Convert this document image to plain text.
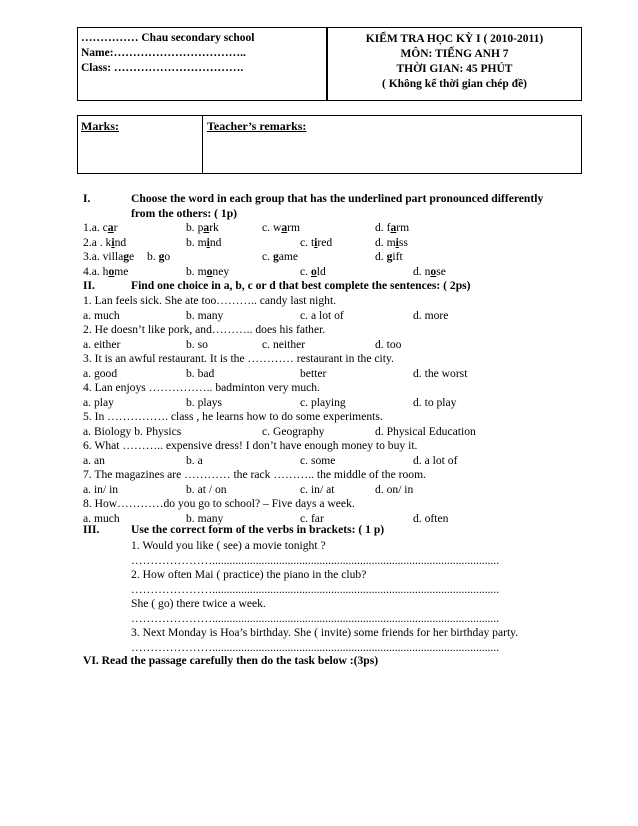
…………… Chau secondary school
Name:……………………………..
Class: …………………………….
KIỂM TRA HỌC KỲ I ( 2010-2011)
MÔN: TIẾNG ANH 7
THỜI GIAN: 45 PHÚT
( Không kể thời gian chép đề)
Marks:	Teacher’s remarks:
I.	Choose the word in each group that has the underlined part pronounced differently
from the others: ( 1p)
1.a. car	b. park	c. warm	d. farm
2.a . kind	b. mind	c. tired	d. miss
3.a. village b. go	c. game	d. gift
4.a. home	b. money	c. old	d. nose
II.	Find one choice in a, b, c or d that best complete the sentences: ( 2ps)
1. Lan feels sick. She ate too……….. candy last night.
a. much	b. many	c. a lot of	d. more
2. He doesn’t like pork, and……….. does his father.
a. either	b. so	c. neither	d. too
3. It is an awful restaurant. It is the ………… restaurant in the city.
a. good	b. bad	better	d. the worst
4. Lan enjoys …………….. badminton very much.
a. play	b. plays	c. playing	d. to play
5. In ……………. class , he learns how to do some experiments.
a. Biology b. Physics	c. Geography	d. Physical Education
6. What ……….. expensive dress! I don’t have enough money to buy it.
a. an	b. a	c. some	d. a lot of
7. The magazines are ………… the rack ……….. the middle of the room.
a. in/ in	b. at / on	c. in/ at	d. on/ in
8. How…………do you go to school? – Five days a week.
a. much	b. many	c. far	d. often
III.	Use the correct form of the verbs in brackets: ( 1 p)
1. Would you like ( see) a movie tonight ?
…………………...................................................................................................
2. How often Mai ( practice) the piano in the club?
…………………...................................................................................................
She ( go) there twice a week.
…………………...................................................................................................
3. Next Monday is Hoa’s birthday. She ( invite) some friends for her birthday party.
…………………...................................................................................................
VI. Read the passage carefully then do the task below :(3ps)
